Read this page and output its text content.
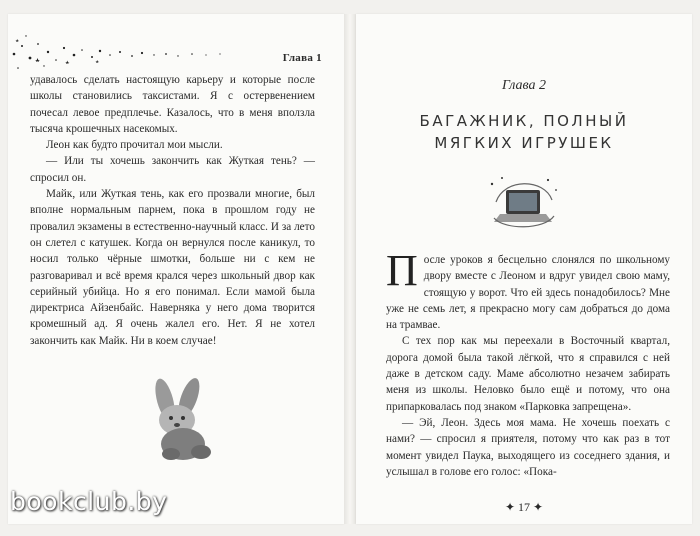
Глава 1

удавалось сделать настоящую карьеру и которые после школы становились таксистами. Я с остервенением почесал левое предплечье. Казалось, что в меня вползла тысяча крошечных насекомых.

Леон как будто прочитал мои мысли.

— Или ты хочешь закончить как Жуткая тень? — спросил он.

Майк, или Жуткая тень, как его прозвали многие, был вполне нормальным парнем, пока в прошлом году не провалил экзамены в естественно-научный класс. И за лето он слетел с катушек. Когда он вернулся после каникул, то носил только чёрные шмотки, больше ни с кем не разговаривал и всё время крался через школьный двор как серийный убийца. Но я его понимал. Если мамой была директриса Айзенбайс. Наверняка у него дома творится кромешный ад. Я очень жалел его. Нет. Я не хотел закончить как Майк. Ни в коем случае!

Глава 2
БАГАЖНИК, ПОЛНЫЙ
МЯГКИХ ИГРУШЕК

После уроков я бесцельно слонялся по школьному двору вместе с Леоном и вдруг увидел свою маму, стоящую у ворот. Что ей здесь понадобилось? Мне уже не семь лет, я прекрасно могу сам добраться до дома на трамвае.

С тех пор как мы переехали в Восточный квартал, дорога домой была такой лёгкой, что я справился с ней даже в детском саду. Маме абсолютно незачем забирать меня из школы. Неловко было ещё и потому, что она припарковалась под знаком «Парковка запрещена».

— Эй, Леон. Здесь моя мама. Не хочешь поехать с нами? — спросил я приятеля, потому что как раз в тот момент увидел Паука, выходящего из соседнего здания, и услышал в голове его голос: «Пока-

✦ 17 ✦
bookclub.by
